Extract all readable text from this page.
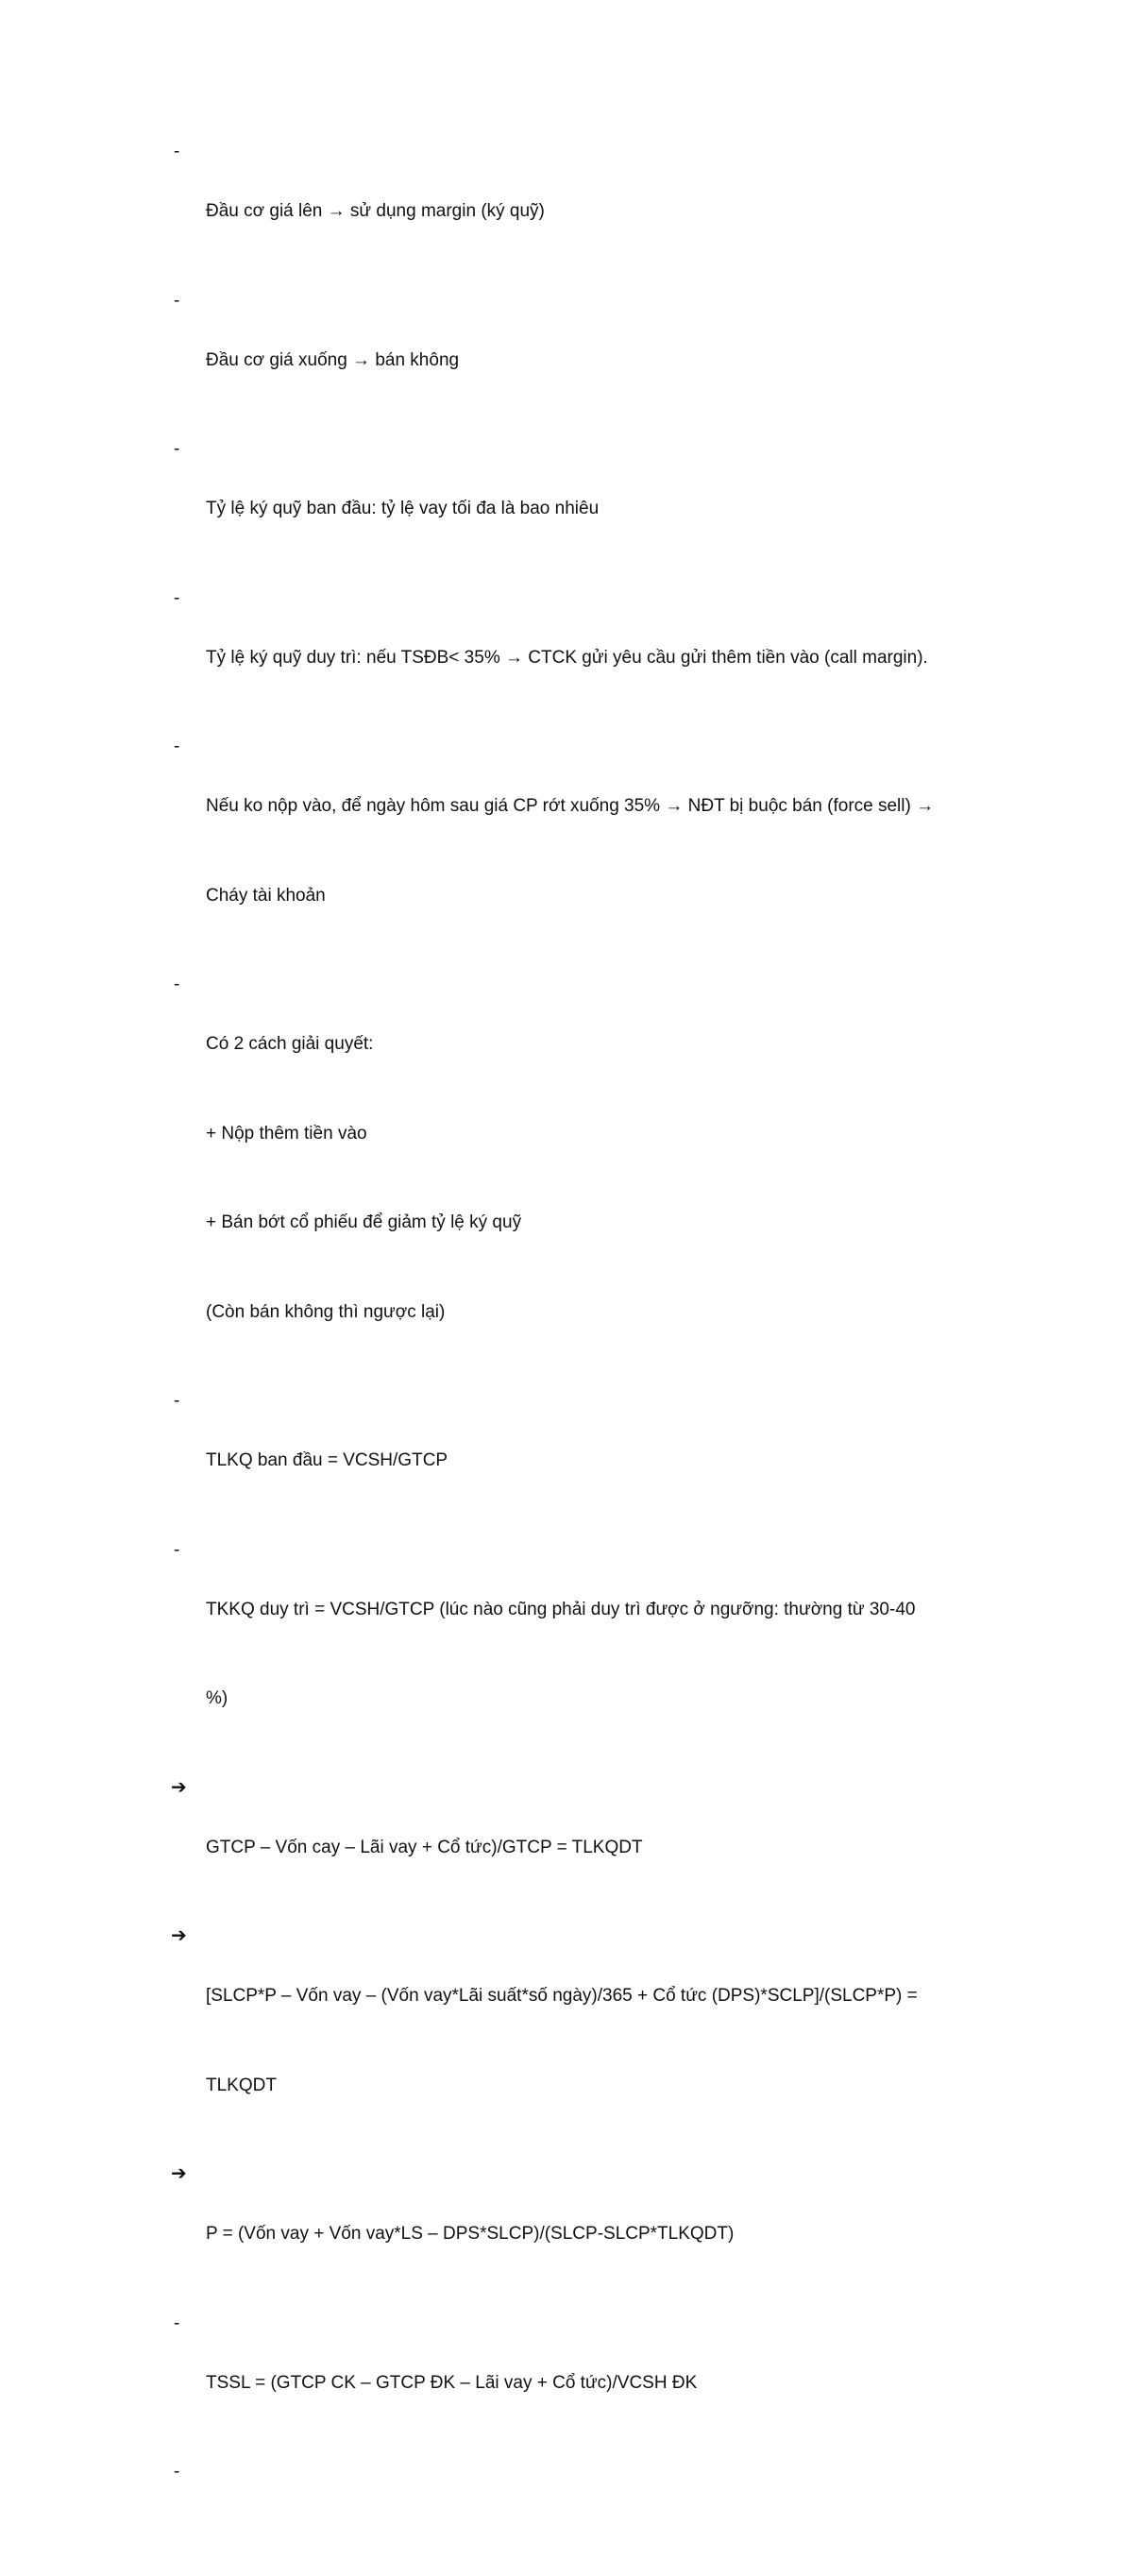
-

Đầu cơ giá lên → sử dụng margin (ký quỹ)

-

Đầu cơ giá xuống → bán không

-

Tỷ lệ ký quỹ ban đầu: tỷ lệ vay tối đa là bao nhiêu

-

Tỷ lệ ký quỹ duy trì: nếu TSĐB< 35% → CTCK gửi yêu cầu gửi thêm tiền vào (call margin).

-

Nếu ko nộp vào, để ngày hôm sau giá CP rớt xuống 35% → NĐT bị buộc bán (force sell) →

Cháy tài khoản

-

Có 2 cách giải quyết:

+ Nộp thêm tiền vào

+ Bán bớt cổ phiếu để giảm tỷ lệ ký quỹ

(Còn bán không thì ngược lại)

-

TLKQ ban đầu = VCSH/GTCP

-

TKKQ duy trì = VCSH/GTCP (lúc nào cũng phải duy trì được ở ngưỡng: thường từ 30-40

%)

➔

GTCP – Vốn cay – Lãi vay + Cổ tức)/GTCP = TLKQDT

➔

[SLCP*P – Vốn vay – (Vốn vay*Lãi suất*số ngày)/365 + Cổ tức (DPS)*SCLP]/(SLCP*P) =

TLKQDT

➔

P = (Vốn vay + Vốn vay*LS – DPS*SLCP)/(SLCP-SLCP*TLKQDT)

-

TSSL = (GTCP CK – GTCP ĐK – Lãi vay + Cổ tức)/VCSH ĐK

-
